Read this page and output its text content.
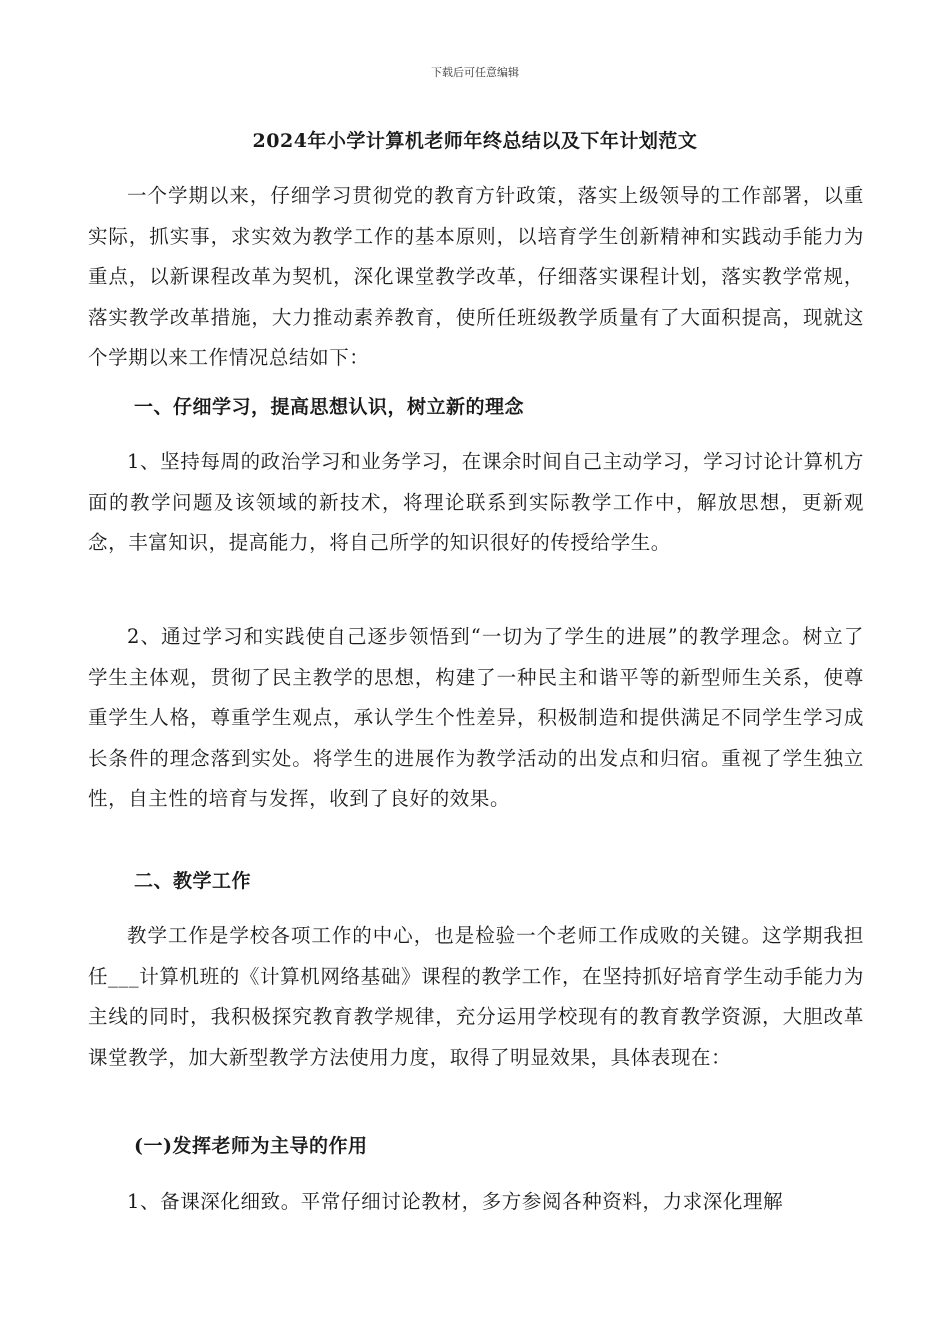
下载后可任意编辑
2024年小学计算机老师年终总结以及下年计划范文

一个学期以来，仔细学习贯彻党的教育方针政策，落实上级领导的工作部署，以重实际，抓实事，求实效为教学工作的基本原则，以培育学生创新精神和实践动手能力为重点，以新课程改革为契机，深化课堂教学改革，仔细落实课程计划，落实教学常规，落实教学改革措施，大力推动素养教育，使所任班级教学质量有了大面积提高，现就这个学期以来工作情况总结如下：

一、仔细学习，提高思想认识，树立新的理念

1、坚持每周的政治学习和业务学习，在课余时间自己主动学习，学习讨论计算机方面的教学问题及该领域的新技术，将理论联系到实际教学工作中，解放思想，更新观念，丰富知识，提高能力，将自己所学的知识很好的传授给学生。

2、通过学习和实践使自己逐步领悟到“一切为了学生的进展”的教学理念。树立了学生主体观，贯彻了民主教学的思想，构建了一种民主和谐平等的新型师生关系，使尊重学生人格，尊重学生观点，承认学生个性差异，积极制造和提供满足不同学生学习成长条件的理念落到实处。将学生的进展作为教学活动的出发点和归宿。重视了学生独立性，自主性的培育与发挥，收到了良好的效果。

二、教学工作

教学工作是学校各项工作的中心，也是检验一个老师工作成败的关键。这学期我担任___计算机班的《计算机网络基础》课程的教学工作，在坚持抓好培育学生动手能力为主线的同时，我积极探究教育教学规律，充分运用学校现有的教育教学资源，大胆改革课堂教学，加大新型教学方法使用力度，取得了明显效果，具体表现在：

(一)发挥老师为主导的作用

1、备课深化细致。平常仔细讨论教材，多方参阅各种资料，力求深化理解
